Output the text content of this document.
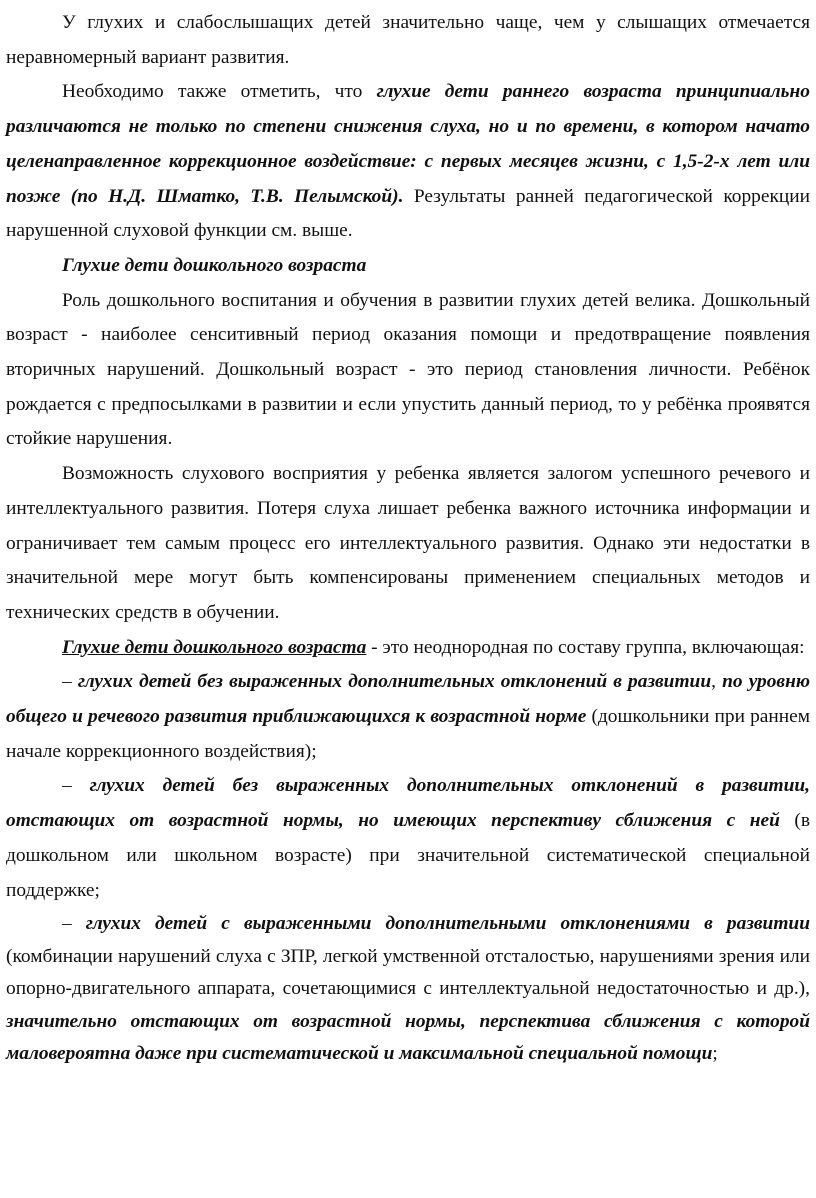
У глухих и слабослышащих детей значительно чаще, чем у слышащих отмечается неравномерный вариант развития.

Необходимо также отметить, что глухие дети раннего возраста принципиально различаются не только по степени снижения слуха, но и по времени, в котором начато целенаправленное коррекционное воздействие: с первых месяцев жизни, с 1,5-2-х лет или позже (по Н.Д. Шматко, Т.В. Пелымской). Результаты ранней педагогической коррекции нарушенной слуховой функции см. выше.

Глухие дети дошкольного возраста

Роль дошкольного воспитания и обучения в развитии глухих детей велика. Дошкольный возраст - наиболее сенситивный период оказания помощи и предотвращение появления вторичных нарушений. Дошкольный возраст - это период становления личности. Ребёнок рождается с предпосылками в развитии и если упустить данный период, то у ребёнка проявятся стойкие нарушения.

Возможность слухового восприятия у ребенка является залогом успешного речевого и интеллектуального развития. Потеря слуха лишает ребенка важного источника информации и ограничивает тем самым процесс его интеллектуального развития. Однако эти недостатки в значительной мере могут быть компенсированы применением специальных методов и технических средств в обучении.

Глухие дети дошкольного возраста - это неоднородная по составу группа, включающая:

– глухих детей без выраженных дополнительных отклонений в развитии, по уровню общего и речевого развития приближающихся к возрастной норме (дошкольники при раннем начале коррекционного воздействия);

– глухих детей без выраженных дополнительных отклонений в развитии, отстающих от возрастной нормы, но имеющих перспективу сближения с ней (в дошкольном или школьном возрасте) при значительной систематической специальной поддержке;

– глухих детей с выраженными дополнительными отклонениями в развитии (комбинации нарушений слуха с ЗПР, легкой умственной отсталостью, нарушениями зрения или опорно-двигательного аппарата, сочетающимися с интеллектуальной недостаточностью и др.), значительно отстающих от возрастной нормы, перспектива сближения с которой маловероятна даже при систематической и максимальной специальной помощи;
